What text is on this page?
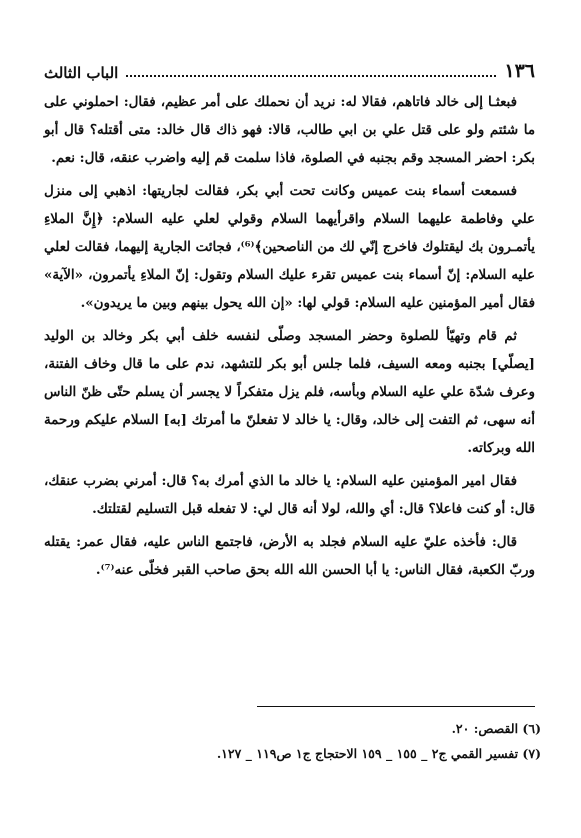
١٣٦
الباب الثالث

فبعثـا إلى خالد فاتاهم، فقالا له: نريد أن نحملك على أمر عظيم، فقال: احملوني على ما شئتم ولو على قتل علي بن ابي طالب، قالا: فهو ذاك قال خالد: متى أقتله؟ قال أبو بكر: احضر المسجد وقم بجنبه في الصلوة، فاذا سلمت قم إليه واضرب عنقه، قال: نعم.

فسمعت أسماء بنت عميس وكانت تحت أبي بكر، فقالت لجاريتها: اذهبي إلى منزل علي وفاطمة عليهما السلام واقرأيهما السلام وقولي لعلي عليه السلام: ﴿إِنَّ الملاءِ يأتمـرون بك ليقتلوك فاخرج إنّي لك من الناصحين﴾⁽⁶⁾، فجائت الجارية إليهما، فقالت لعلي عليه السلام: إنّ أسماء بنت عميس تقرء عليك السلام وتقول: إنّ الملاءِ يأتمرون، «الآية» فقال أمير المؤمنين عليه السلام: قولي لها: «إن الله يحول بينهم وبين ما يريدون».

ثم قام وتهيّأ للصلوة وحضر المسجد وصلّى لنفسه خلف أبي بكر وخالد بن الوليد [يصلّي] بجنبه ومعه السيف، فلما جلس أبو بكر للتشهد، ندم على ما قال وخاف الفتنة، وعرف شدّة علي عليه السلام وبأسه، فلم يزل متفكراً لا يجسر أن يسلم حتّى ظنّ الناس أنه سهى، ثم التفت إلى خالد، وقال: يا خالد لا تفعلنّ ما أمرتك [به] السلام عليكم ورحمة الله وبركاته.

فقال امير المؤمنين عليه السلام: يا خالد ما الذي أمرك به؟ قال: أمرني بضرب عنقك، قال: أو كنت فاعلا؟ قال: أي والله، لولا أنه قال لي: لا تفعله قبل التسليم لقتلتك.

قال: فأخذه عليّ عليه السلام فجلد به الأرض، فاجتمع الناس عليه، فقال عمر: يقتله وربّ الكعبة، فقال الناس: يا أبا الحسن الله الله بحق صاحب القبر فخلّى عنه⁽⁷⁾.

(٦) القصص: ٢٠.
(٧) تفسير القمي ج٢ _ ١٥٥ _ ١٥٩ الاحتجاج ج١ ص١١٩ _ ١٢٧.
